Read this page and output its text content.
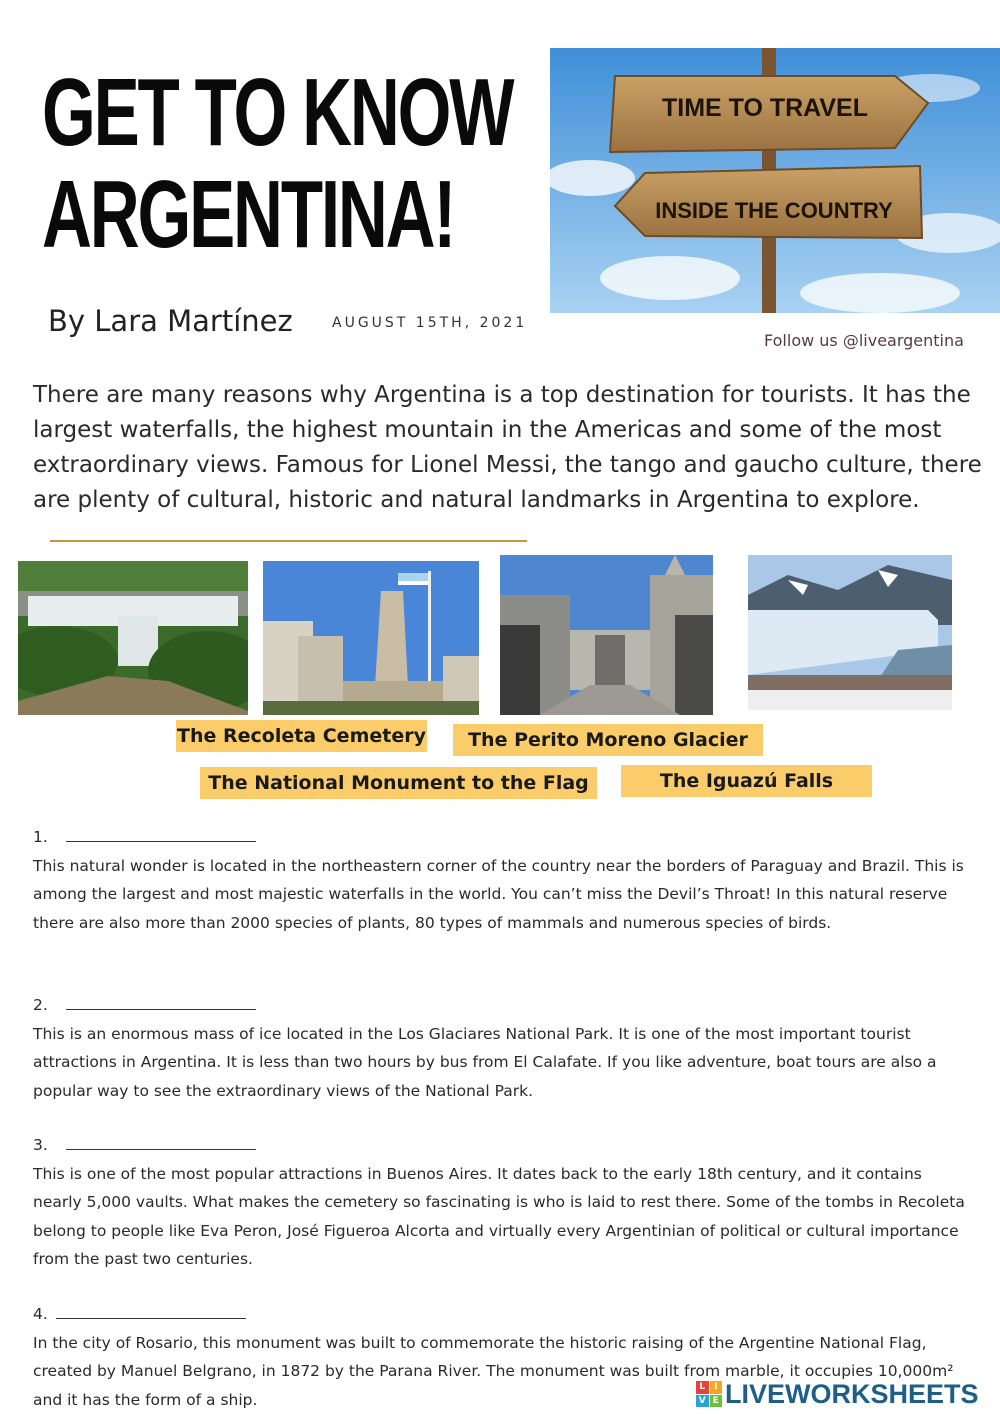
GET TO KNOW
ARGENTINA!
By Lara Martínez	AUGUST 15TH, 2021
TIME TO TRAVEL
INSIDE THE COUNTRY
Follow us @liveargentina
There are many reasons why Argentina is a top destination for tourists. It has the largest waterfalls, the highest mountain in the Americas and some of the most extraordinary views. Famous for Lionel Messi, the tango and gaucho culture, there are plenty of cultural, historic and natural landmarks in Argentina to explore.
The Recoleta Cemetery	The Perito Moreno Glacier
The National Monument to the Flag	The Iguazú Falls
1.
This natural wonder is located in the northeastern corner of the country near the borders of Paraguay and Brazil. This is among the largest and most majestic waterfalls in the world. You can’t miss the Devil’s Throat! In this natural reserve there are also more than 2000 species of plants, 80 types of mammals and numerous species of birds.
2.
This is an enormous mass of ice located in the Los Glaciares National Park. It is one of the most important tourist attractions in Argentina. It is less than two hours by bus from El Calafate. If you like adventure, boat tours are also a popular way to see the extraordinary views of the National Park.
3.
This is one of the most popular attractions in Buenos Aires. It dates back to the early 18th century, and it contains nearly 5,000 vaults. What makes the cemetery so fascinating is who is laid to rest there. Some of the tombs in Recoleta belong to people like Eva Peron, José Figueroa Alcorta and virtually every Argentinian of political or cultural importance from the past two centuries.
4.
In the city of Rosario, this monument was built to commemorate the historic raising of the Argentine National Flag, created by Manuel Belgrano, in 1872 by the Parana River. The monument was built from marble, it occupies 10,000m² and it has the form of a ship.
L I
V E LIVEWORKSHEETS
